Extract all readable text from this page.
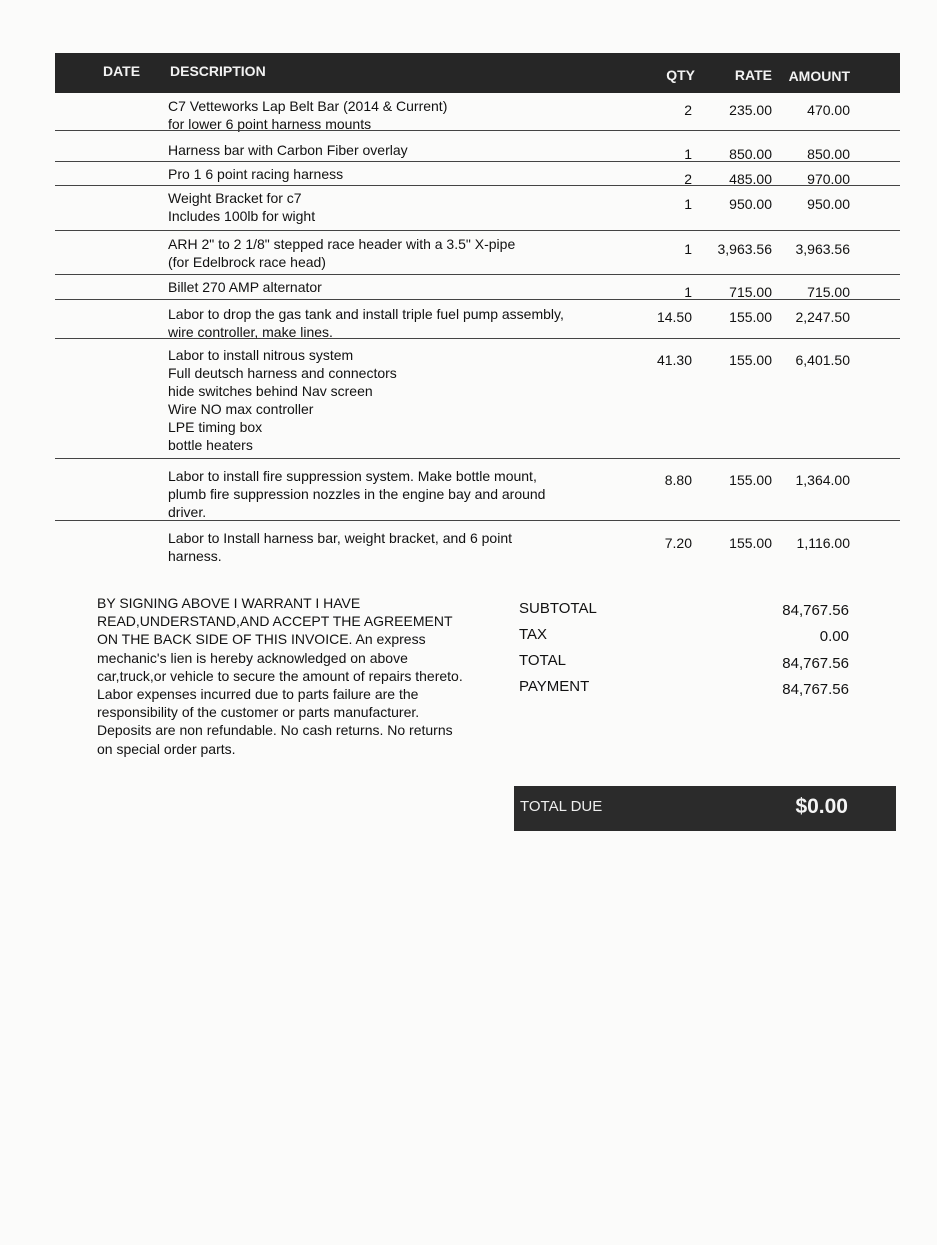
DATE DESCRIPTION	QTY	RATE AMOUNT
C7 Vetteworks Lap Belt Bar (2014 & Current)
for lower 6 point harness mounts
2	235.00	470.00
Harness bar with Carbon Fiber overlay	1	850.00	850.00
Pro 1 6 point racing harness	2	485.00	970.00
Weight Bracket for c7
Includes 100lb for wight
1	950.00	950.00
ARH 2" to 2 1/8" stepped race header with a 3.5" X-pipe
(for Edelbrock race head)
1 3,963.56 3,963.56
Billet 270 AMP alternator	1	715.00	715.00
Labor to drop the gas tank and install triple fuel pump assembly,
wire controller, make lines.
14.50	155.00 2,247.50
Labor to install nitrous system
Full deutsch harness and connectors
hide switches behind Nav screen
Wire NO max controller
LPE timing box
bottle heaters
41.30	155.00 6,401.50
Labor to install fire suppression system. Make bottle mount,
plumb fire suppression nozzles in the engine bay and around
driver.
8.80	155.00 1,364.00
Labor to Install harness bar, weight bracket, and 6 point
harness.
7.20	155.00 1,116.00
BY SIGNING ABOVE I WARRANT I HAVE
READ,UNDERSTAND,AND ACCEPT THE AGREEMENT
ON THE BACK SIDE OF THIS INVOICE. An express
mechanic's lien is hereby acknowledged on above
car,truck,or vehicle to secure the amount of repairs thereto.
Labor expenses incurred due to parts failure are the
responsibility of the customer or parts manufacturer.
Deposits are non refundable. No cash returns. No returns
on special order parts.
SUBTOTAL	84,767.56
TAX	0.00
TOTAL	84,767.56
PAYMENT	84,767.56
TOTAL DUE	$0.00
